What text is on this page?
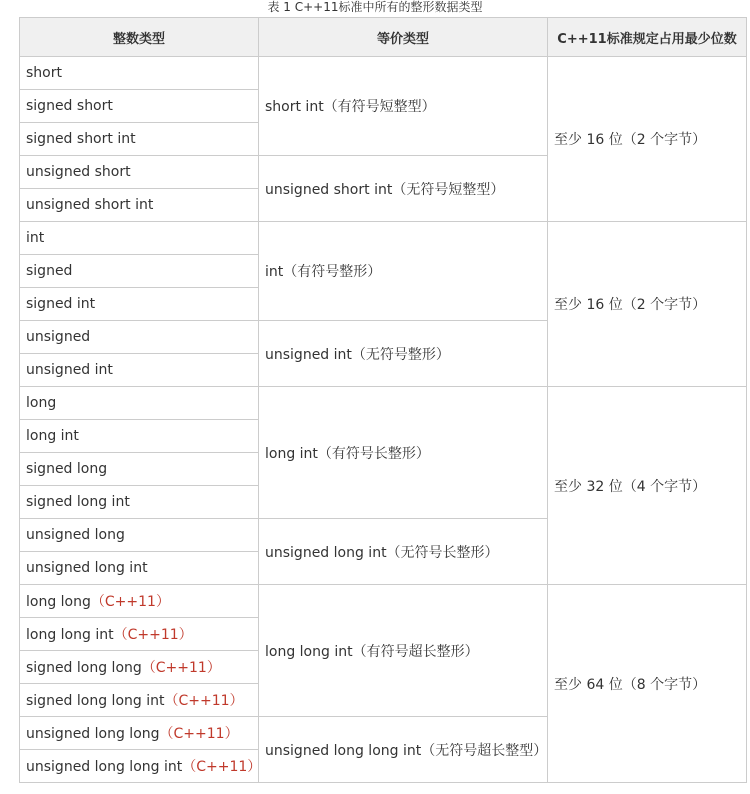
表 1 C++11标准中所有的整形数据类型
整数类型	等价类型	C++11标准规定占用最少位数
short	short int（有符号短整型）	至少 16 位（2 个字节）
signed short		
signed short int		
unsigned short	unsigned short int（无符号短整型）	
unsigned short int		
int	int（有符号整形）	至少 16 位（2 个字节）
signed		
signed int		
unsigned	unsigned int（无符号整形）	
unsigned int		
long	long int（有符号长整形）	至少 32 位（4 个字节）
long int		
signed long		
signed long int		
unsigned long	unsigned long int（无符号长整形）	
unsigned long int		
long long（C++11）	long long int（有符号超长整形）	至少 64 位（8 个字节）
long long int（C++11）		
signed long long（C++11）		
signed long long int（C++11）		
unsigned long long（C++11）	unsigned long long int（无符号超长整型）	
unsigned long long int（C++11）		
